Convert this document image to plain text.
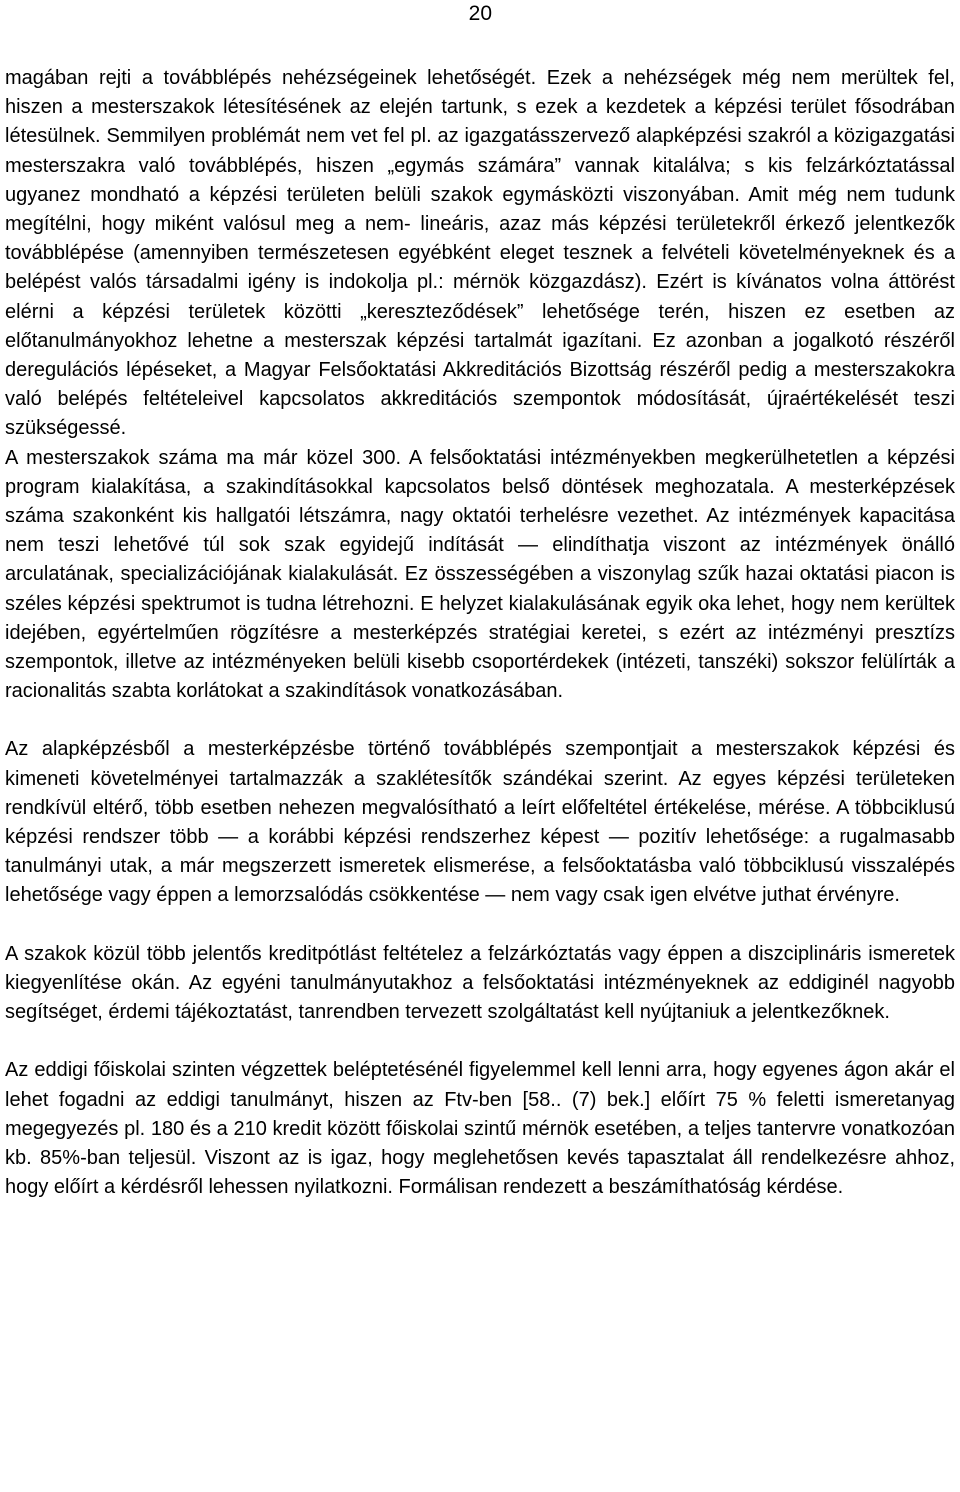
20

magában rejti a továbblépés nehézségeinek lehetőségét. Ezek a nehézségek még nem merültek fel, hiszen a mesterszakok létesítésének az elején tartunk, s ezek a kezdetek a képzési terület fősodrában létesülnek. Semmilyen problémát nem vet fel pl. az igazgatásszervező alapképzési szakról a közigazgatási mesterszakra való továbblépés, hiszen „egymás számára” vannak kitalálva; s kis felzárkóztatással ugyanez mondható a képzési területen belüli szakok egymásközti viszonyában. Amit még nem tudunk megítélni, hogy miként valósul meg a nem- lineáris, azaz más képzési területekről érkező jelentkezők továbblépése (amennyiben természetesen egyébként eleget tesznek a felvételi követelményeknek és a belépést valós társadalmi igény is indokolja pl.: mérnök közgazdász). Ezért is kívánatos volna áttörést elérni a képzési területek közötti „kereszteződések” lehetősége terén, hiszen ez esetben az előtanulmányokhoz lehetne a mesterszak képzési tartalmát igazítani. Ez azonban a jogalkotó részéről deregulációs lépéseket, a Magyar Felsőoktatási Akkreditációs Bizottság részéről pedig a mesterszakokra való belépés feltételeivel kapcsolatos akkreditációs szempontok módosítását, újraértékelését teszi szükségessé.

A mesterszakok száma ma már közel 300. A felsőoktatási intézményekben megkerülhetetlen a képzési program kialakítása, a szakindításokkal kapcsolatos belső döntések meghozatala. A mesterképzések száma szakonként kis hallgatói létszámra, nagy oktatói terhelésre vezethet. Az intézmények kapacitása nem teszi lehetővé túl sok szak egyidejű indítását — elindíthatja viszont az intézmények önálló arculatának, specializációjának kialakulását. Ez összességében a viszonylag szűk hazai oktatási piacon is széles képzési spektrumot is tudna létrehozni. E helyzet kialakulásának egyik oka lehet, hogy nem kerültek idejében, egyértelműen rögzítésre a mesterképzés stratégiai keretei, s ezért az intézményi presztízs szempontok, illetve az intézményeken belüli kisebb csoportérdekek (intézeti, tanszéki) sokszor felülírták a racionalitás szabta korlátokat a szakindítások vonatkozásában.

Az alapképzésből a mesterképzésbe történő továbblépés szempontjait a mesterszakok képzési és kimeneti követelményei tartalmazzák a szaklétesítők szándékai szerint. Az egyes képzési területeken rendkívül eltérő, több esetben nehezen megvalósítható a leírt előfeltétel értékelése, mérése. A többciklusú képzési rendszer több — a korábbi képzési rendszerhez képest — pozitív lehetősége: a rugalmasabb tanulmányi utak, a már megszerzett ismeretek elismerése, a felsőoktatásba való többciklusú visszalépés lehetősége vagy éppen a lemorzsalódás csökkentése — nem vagy csak igen elvétve juthat érvényre.

A szakok közül több jelentős kreditpótlást feltételez a felzárkóztatás vagy éppen a diszciplináris ismeretek kiegyenlítése okán. Az egyéni tanulmányutakhoz a felsőoktatási intézményeknek az eddiginél nagyobb segítséget, érdemi tájékoztatást, tanrendben tervezett szolgáltatást kell nyújtaniuk a jelentkezőknek.

Az eddigi főiskolai szinten végzettek beléptetésénél figyelemmel kell lenni arra, hogy egyenes ágon akár el lehet fogadni az eddigi tanulmányt, hiszen az Ftv-ben [58.. (7) bek.] előírt 75 % feletti ismeretanyag megegyezés pl. 180 és a 210 kredit között főiskolai szintű mérnök esetében, a teljes tantervre vonatkozóan kb. 85%-ban teljesül. Viszont az is igaz, hogy meglehetősen kevés tapasztalat áll rendelkezésre ahhoz, hogy előírt a kérdésről lehessen nyilatkozni. Formálisan rendezett a beszámíthatóság kérdése.
